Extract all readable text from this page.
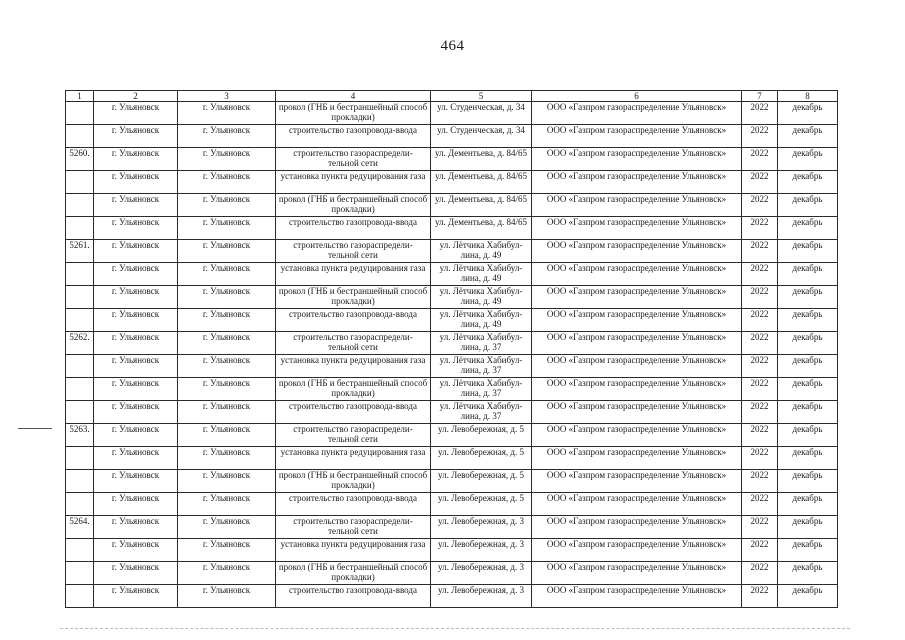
464
1	2	3	4	5	6	7	8
	г. Ульяновск	г. Ульяновск	прокол (ГНБ и бестраншейный способ прокладки)	ул. Студенческая, д. 34	ООО «Газпром газораспределение Ульяновск»	2022	декабрь
	г. Ульяновск	г. Ульяновск	строительство газопровода-ввода	ул. Студенческая, д. 34	ООО «Газпром газораспределение Ульяновск»	2022	декабрь
5260.	г. Ульяновск	г. Ульяновск	строительство газораспредели-тельной сети	ул. Дементьева, д. 84/65	ООО «Газпром газораспределение Ульяновск»	2022	декабрь
	г. Ульяновск	г. Ульяновск	установка пункта редуцирования газа	ул. Дементьева, д. 84/65	ООО «Газпром газораспределение Ульяновск»	2022	декабрь
	г. Ульяновск	г. Ульяновск	прокол (ГНБ и бестраншейный способ прокладки)	ул. Дементьева, д. 84/65	ООО «Газпром газораспределение Ульяновск»	2022	декабрь
	г. Ульяновск	г. Ульяновск	строительство газопровода-ввода	ул. Дементьева, д. 84/65	ООО «Газпром газораспределение Ульяновск»	2022	декабрь
5261.	г. Ульяновск	г. Ульяновск	строительство газораспредели-тельной сети	ул. Лётчика Хабибул-лина, д. 49	ООО «Газпром газораспределение Ульяновск»	2022	декабрь
	г. Ульяновск	г. Ульяновск	установка пункта редуцирования газа	ул. Лётчика Хабибул-лина, д. 49	ООО «Газпром газораспределение Ульяновск»	2022	декабрь
	г. Ульяновск	г. Ульяновск	прокол (ГНБ и бестраншейный способ прокладки)	ул. Лётчика Хабибул-лина, д. 49	ООО «Газпром газораспределение Ульяновск»	2022	декабрь
	г. Ульяновск	г. Ульяновск	строительство газопровода-ввода	ул. Лётчика Хабибул-лина, д. 49	ООО «Газпром газораспределение Ульяновск»	2022	декабрь
5262.	г. Ульяновск	г. Ульяновск	строительство газораспредели-тельной сети	ул. Лётчика Хабибул-лина, д. 37	ООО «Газпром газораспределение Ульяновск»	2022	декабрь
	г. Ульяновск	г. Ульяновск	установка пункта редуцирования газа	ул. Лётчика Хабибул-лина, д. 37	ООО «Газпром газораспределение Ульяновск»	2022	декабрь
	г. Ульяновск	г. Ульяновск	прокол (ГНБ и бестраншейный способ прокладки)	ул. Лётчика Хабибул-лина, д. 37	ООО «Газпром газораспределение Ульяновск»	2022	декабрь
	г. Ульяновск	г. Ульяновск	строительство газопровода-ввода	ул. Лётчика Хабибул-лина, д. 37	ООО «Газпром газораспределение Ульяновск»	2022	декабрь
5263.	г. Ульяновск	г. Ульяновск	строительство газораспредели-тельной сети	ул. Левобережная, д. 5	ООО «Газпром газораспределение Ульяновск»	2022	декабрь
	г. Ульяновск	г. Ульяновск	установка пункта редуцирования газа	ул. Левобережная, д. 5	ООО «Газпром газораспределение Ульяновск»	2022	декабрь
	г. Ульяновск	г. Ульяновск	прокол (ГНБ и бестраншейный способ прокладки)	ул. Левобережная, д. 5	ООО «Газпром газораспределение Ульяновск»	2022	декабрь
	г. Ульяновск	г. Ульяновск	строительство газопровода-ввода	ул. Левобережная, д. 5	ООО «Газпром газораспределение Ульяновск»	2022	декабрь
5264.	г. Ульяновск	г. Ульяновск	строительство газораспредели-тельной сети	ул. Левобережная, д. 3	ООО «Газпром газораспределение Ульяновск»	2022	декабрь
	г. Ульяновск	г. Ульяновск	установка пункта редуцирования газа	ул. Левобережная, д. 3	ООО «Газпром газораспределение Ульяновск»	2022	декабрь
	г. Ульяновск	г. Ульяновск	прокол (ГНБ и бестраншейный способ прокладки)	ул. Левобережная, д. 3	ООО «Газпром газораспределение Ульяновск»	2022	декабрь
	г. Ульяновск	г. Ульяновск	строительство газопровода-ввода	ул. Левобережная, д. 3	ООО «Газпром газораспределение Ульяновск»	2022	декабрь
